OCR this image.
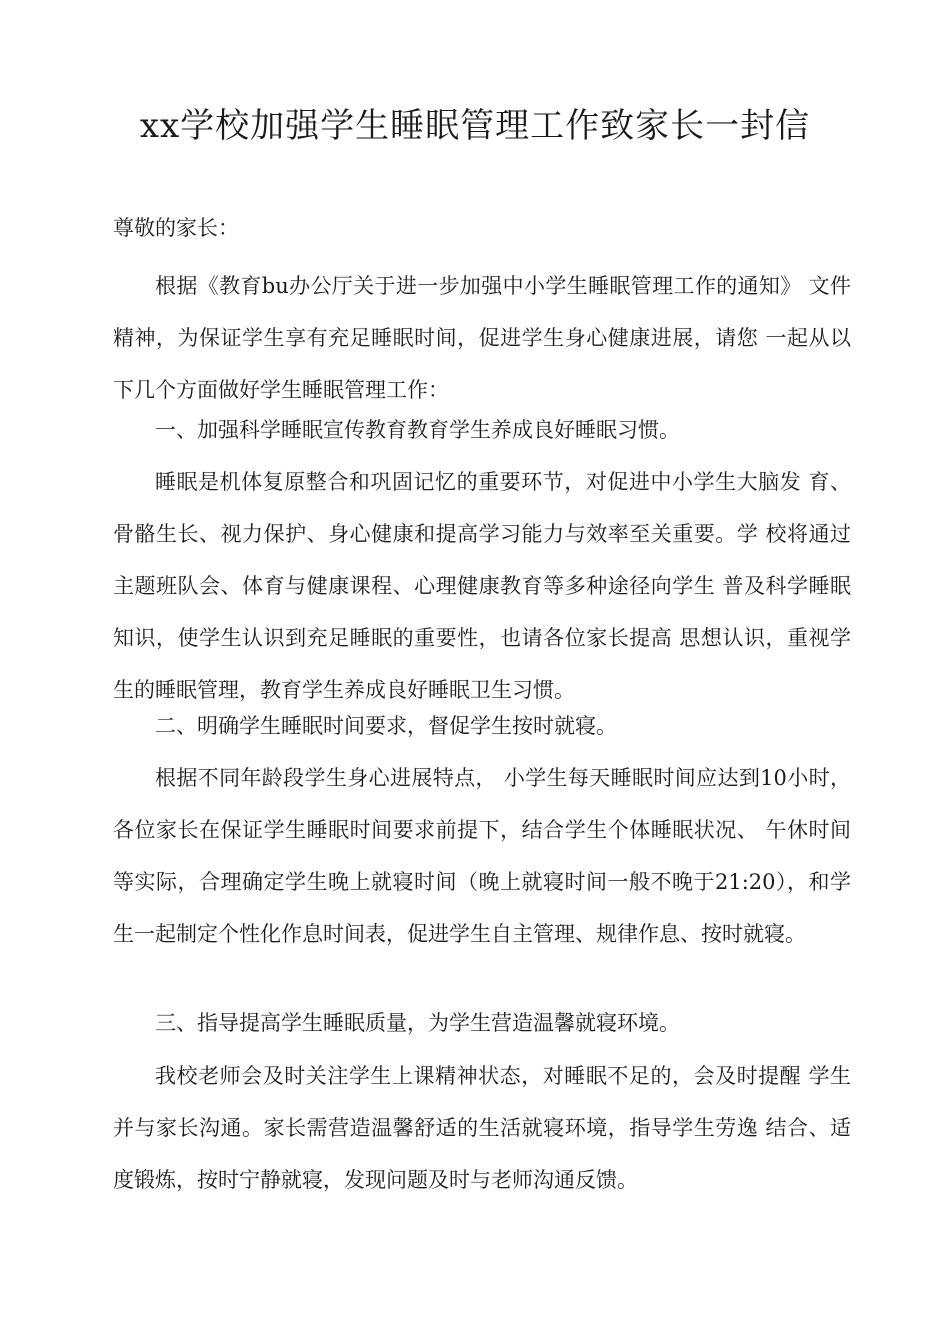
xx学校加强学生睡眠管理工作致家长一封信

尊敬的家长：

根据《教育bu办公厅关于进一步加强中小学生睡眠管理工作的通知》 文件精神，为保证学生享有充足睡眠时间，促进学生身心健康进展，请您 一起从以下几个方面做好学生睡眠管理工作：

一、加强科学睡眠宣传教育教育学生养成良好睡眠习惯。

睡眠是机体复原整合和巩固记忆的重要环节，对促进中小学生大脑发 育、骨骼生长、视力保护、身心健康和提高学习能力与效率至关重要。学 校将通过主题班队会、体育与健康课程、心理健康教育等多种途径向学生 普及科学睡眠知识，使学生认识到充足睡眠的重要性，也请各位家长提高 思想认识，重视学生的睡眠管理，教育学生养成良好睡眠卫生习惯。

二、明确学生睡眠时间要求，督促学生按时就寝。

根据不同年龄段学生身心进展特点， 小学生每天睡眠时间应达到10小时，各位家长在保证学生睡眠时间要求前提下，结合学生个体睡眠状况、 午休时间等实际，合理确定学生晚上就寝时间（晚上就寝时间一般不晚于21:20），和学生一起制定个性化作息时间表，促进学生自主管理、规律作息、按时就寝。

三、指导提高学生睡眠质量，为学生营造温馨就寝环境。

我校老师会及时关注学生上课精神状态，对睡眠不足的，会及时提醒 学生并与家长沟通。家长需营造温馨舒适的生活就寝环境，指导学生劳逸 结合、适度锻炼，按时宁静就寝，发现问题及时与老师沟通反馈。
